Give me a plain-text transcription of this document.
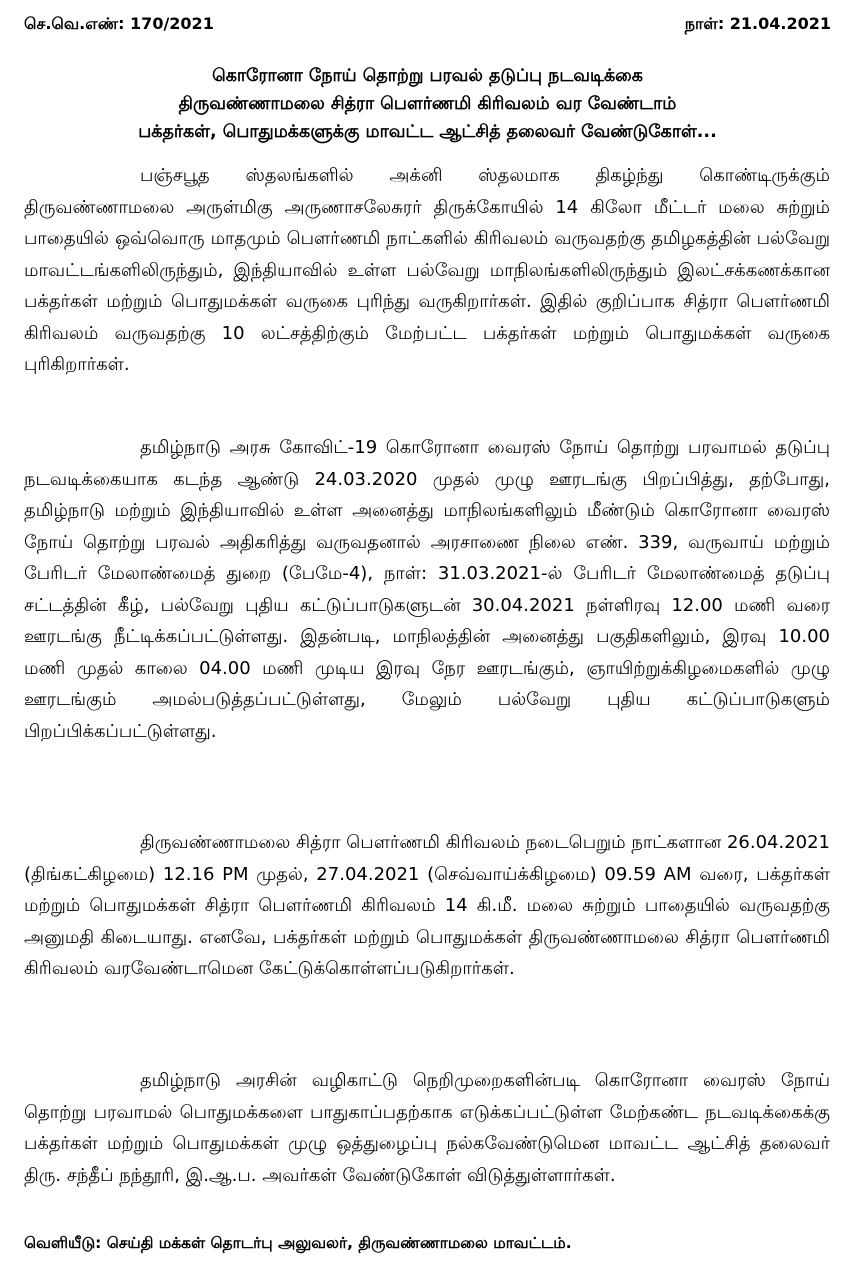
செ.வெ.எண்: 170/2021	நாள்: 21.04.2021
கொரோனா நோய் தொற்று பரவல் தடுப்பு நடவடிக்கை
திருவண்ணாமலை சித்ரா பௌர்ணமி கிரிவலம் வர வேண்டாம்
பக்தர்கள், பொதுமக்களுக்கு மாவட்ட ஆட்சித் தலைவர் வேண்டுகோள்...

பஞ்சபூத ஸ்தலங்களில் அக்னி ஸ்தலமாக திகழ்ந்து கொண்டிருக்கும் திருவண்ணாமலை அருள்மிகு அருணாசலேசுரர் திருக்கோயில் 14 கிலோ மீட்டர் மலை சுற்றும் பாதையில் ஒவ்வொரு மாதமும் பௌர்ணமி நாட்களில் கிரிவலம் வருவதற்கு தமிழகத்தின் பல்வேறு மாவட்டங்களிலிருந்தும், இந்தியாவில் உள்ள பல்வேறு மாநிலங்களிலிருந்தும் இலட்சக்கணக்கான பக்தர்கள் மற்றும் பொதுமக்கள் வருகை புரிந்து வருகிறார்கள். இதில் குறிப்பாக சித்ரா பௌர்ணமி கிரிவலம் வருவதற்கு 10 லட்சத்திற்கும் மேற்பட்ட பக்தர்கள் மற்றும் பொதுமக்கள் வருகை புரிகிறார்கள்.

தமிழ்நாடு அரசு கோவிட்-19 கொரோனா வைரஸ் நோய் தொற்று பரவாமல் தடுப்பு நடவடிக்கையாக கடந்த ஆண்டு 24.03.2020 முதல் முழு ஊரடங்கு பிறப்பித்து, தற்போது, தமிழ்நாடு மற்றும் இந்தியாவில் உள்ள அனைத்து மாநிலங்களிலும் மீண்டும் கொரோனா வைரஸ் நோய் தொற்று பரவல் அதிகரித்து வருவதனால் அரசாணை நிலை எண். 339, வருவாய் மற்றும் பேரிடர் மேலாண்மைத் துறை (பேமே-4), நாள்: 31.03.2021-ல் பேரிடர் மேலாண்மைத் தடுப்பு சட்டத்தின் கீழ், பல்வேறு புதிய கட்டுப்பாடுகளுடன் 30.04.2021 நள்ளிரவு 12.00 மணி வரை ஊரடங்கு நீட்டிக்கப்பட்டுள்ளது. இதன்படி, மாநிலத்தின் அனைத்து பகுதிகளிலும், இரவு 10.00 மணி முதல் காலை 04.00 மணி முடிய இரவு நேர ஊரடங்கும், ஞாயிற்றுக்கிழமைகளில் முழு ஊரடங்கும் அமல்படுத்தப்பட்டுள்ளது, மேலும் பல்வேறு புதிய கட்டுப்பாடுகளும் பிறப்பிக்கப்பட்டுள்ளது.

திருவண்ணாமலை சித்ரா பௌர்ணமி கிரிவலம் நடைபெறும் நாட்களான 26.04.2021 (திங்கட்கிழமை) 12.16 PM முதல், 27.04.2021 (செவ்வாய்க்கிழமை) 09.59 AM வரை, பக்தர்கள் மற்றும் பொதுமக்கள் சித்ரா பௌர்ணமி கிரிவலம் 14 கி.மீ. மலை சுற்றும் பாதையில் வருவதற்கு அனுமதி கிடையாது. எனவே, பக்தர்கள் மற்றும் பொதுமக்கள் திருவண்ணாமலை சித்ரா பௌர்ணமி கிரிவலம் வரவேண்டாமென கேட்டுக்கொள்ளப்படுகிறார்கள்.

தமிழ்நாடு அரசின் வழிகாட்டு நெறிமுறைகளின்படி கொரோனா வைரஸ் நோய் தொற்று பரவாமல் பொதுமக்களை பாதுகாப்பதற்காக எடுக்கப்பட்டுள்ள மேற்கண்ட நடவடிக்கைக்கு பக்தர்கள் மற்றும் பொதுமக்கள் முழு ஒத்துழைப்பு நல்கவேண்டுமென மாவட்ட ஆட்சித் தலைவர் திரு. சந்தீப் நந்தூரி, இ.ஆ.ப. அவர்கள் வேண்டுகோள் விடுத்துள்ளார்கள்.

வெளியீடு: செய்தி மக்கள் தொடர்பு அலுவலர், திருவண்ணாமலை மாவட்டம்.
